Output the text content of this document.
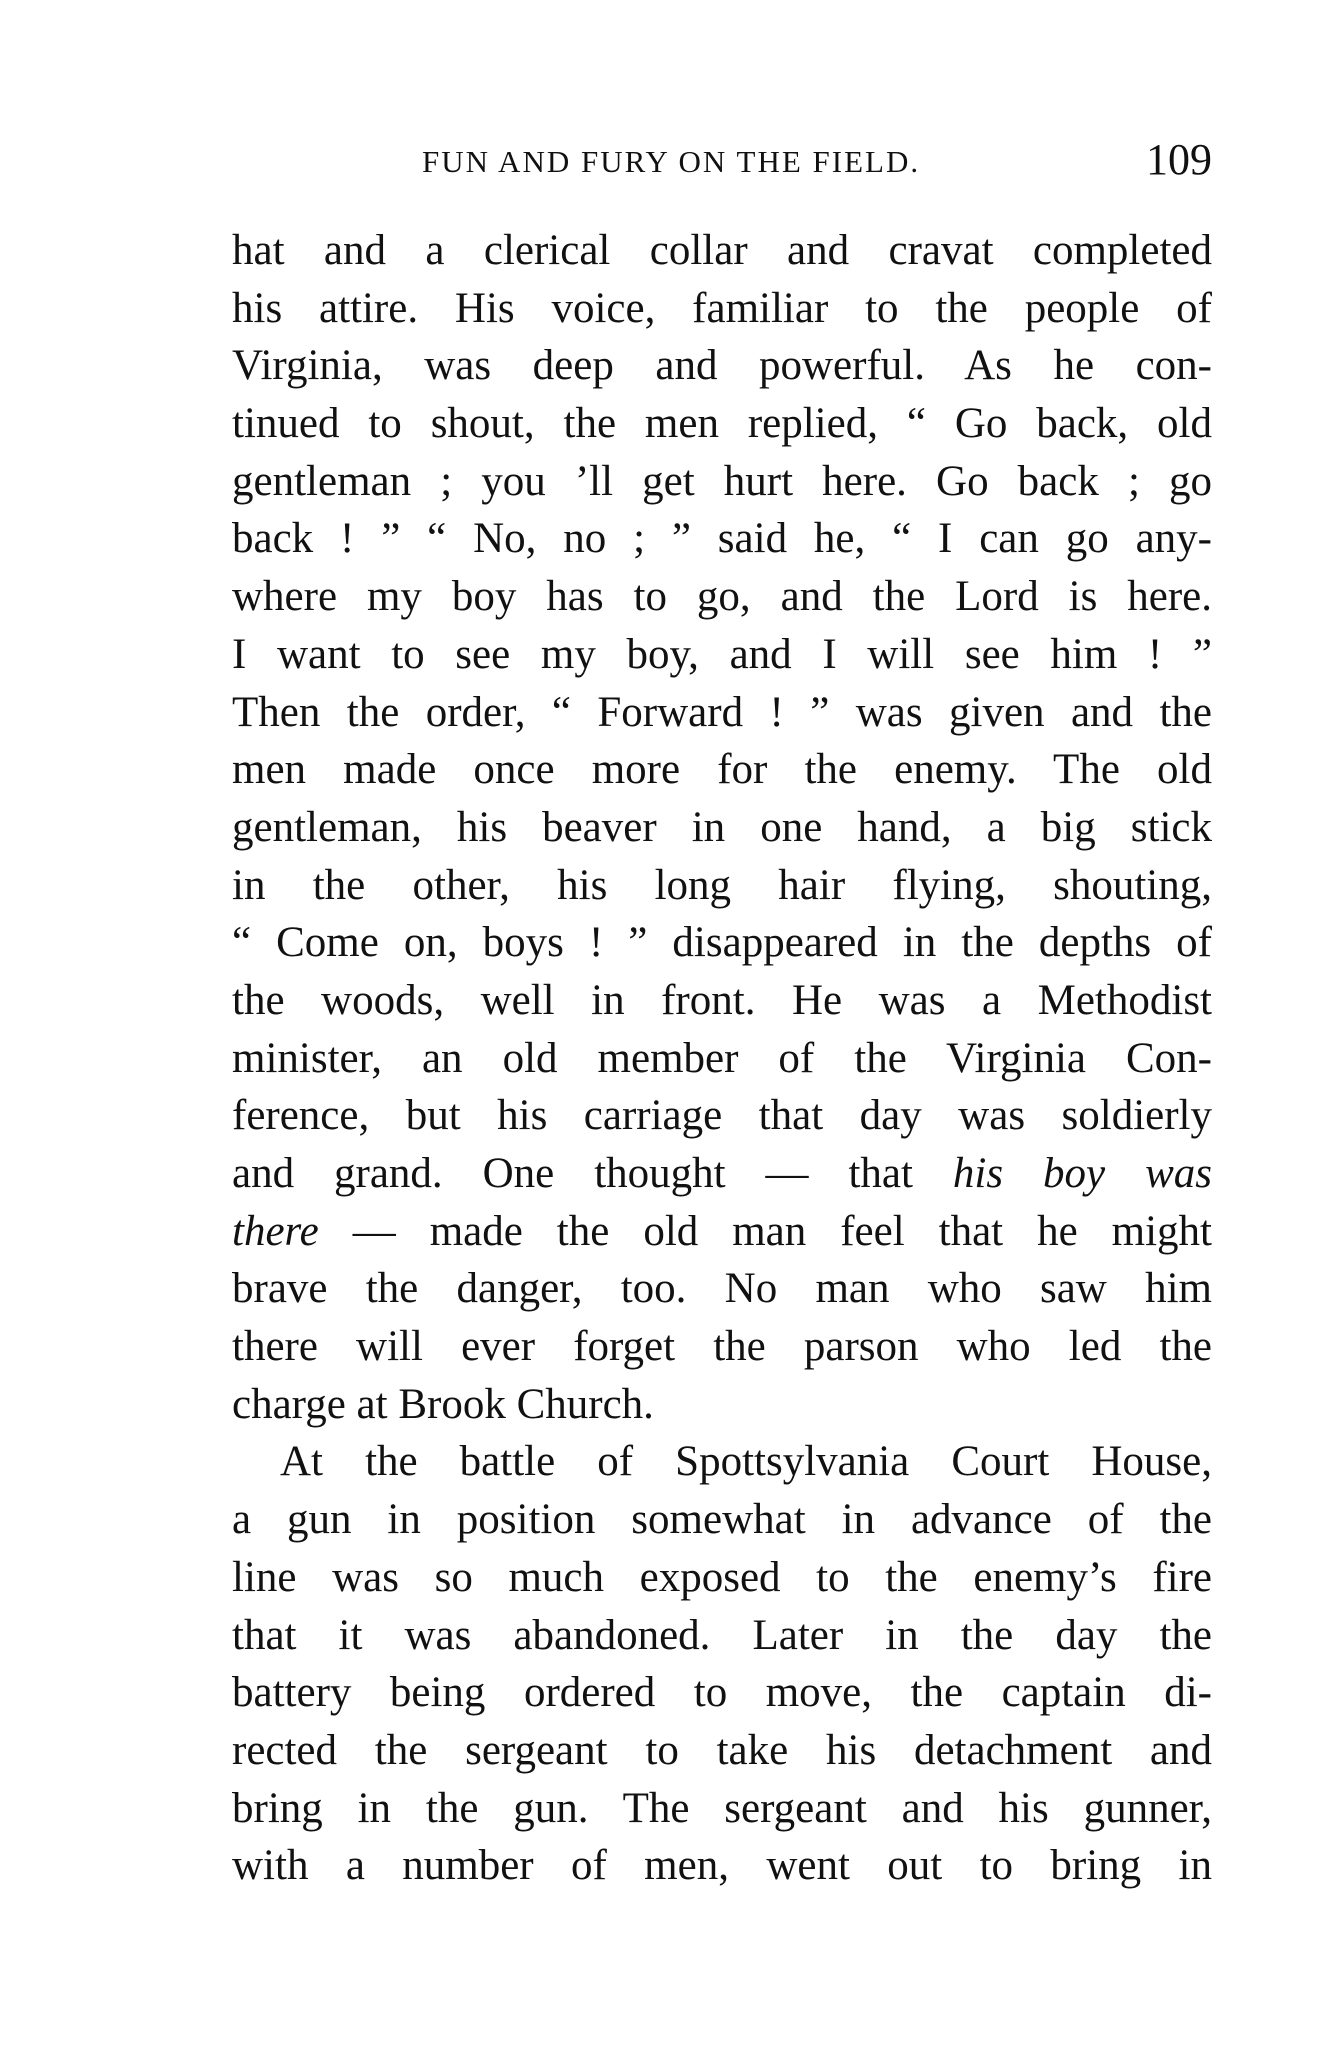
FUN AND FURY ON THE FIELD.	109
hat and a clerical collar and cravat completed
his attire. His voice, familiar to the people of
Virginia, was deep and powerful. As he con-
tinued to shout, the men replied, “ Go back, old
gentleman ; you ’ll get hurt here. Go back ; go
back ! ” “ No, no ; ” said he, “ I can go any-
where my boy has to go, and the Lord is here.
I want to see my boy, and I will see him ! ”
Then the order, “ Forward ! ” was given and the
men made once more for the enemy. The old
gentleman, his beaver in one hand, a big stick
in the other, his long hair flying, shouting,
“ Come on, boys ! ” disappeared in the depths of
the woods, well in front. He was a Methodist
minister, an old member of the Virginia Con-
ference, but his carriage that day was soldierly
and grand. One thought — that his boy was
there — made the old man feel that he might
brave the danger, too. No man who saw him
there will ever forget the parson who led the
charge at Brook Church.
At the battle of Spottsylvania Court House,
a gun in position somewhat in advance of the
line was so much exposed to the enemy’s fire
that it was abandoned. Later in the day the
battery being ordered to move, the captain di-
rected the sergeant to take his detachment and
bring in the gun. The sergeant and his gunner,
with a number of men, went out to bring in
